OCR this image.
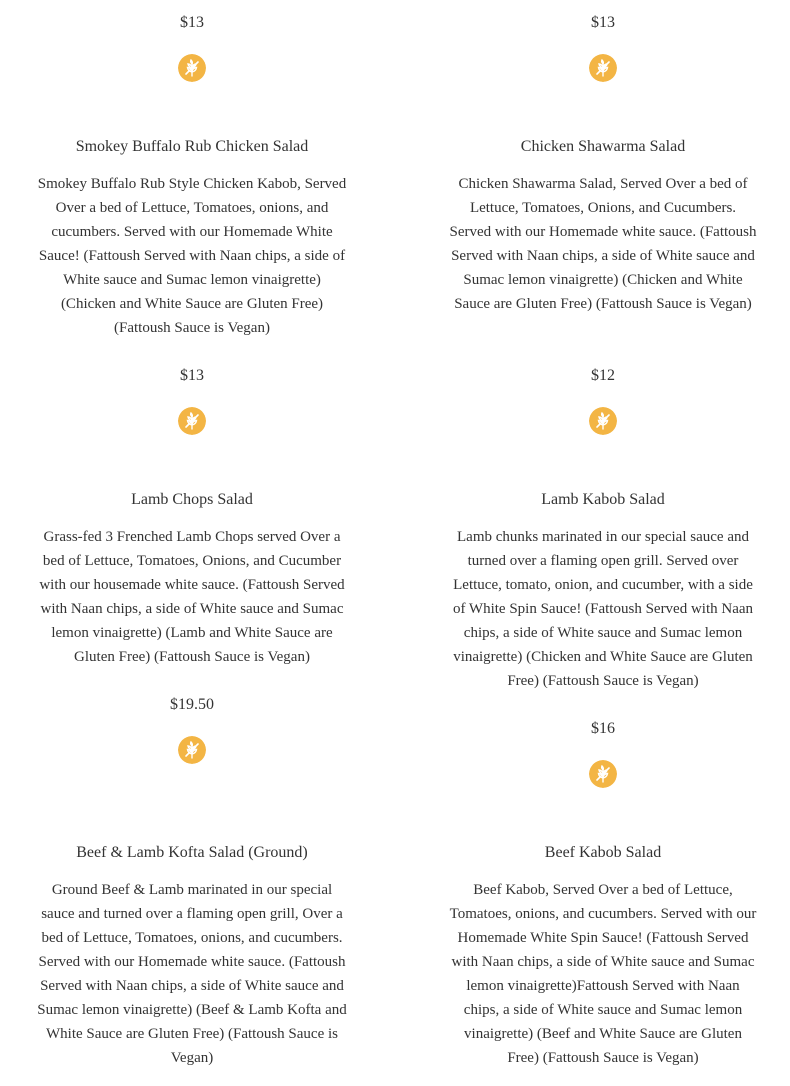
$13
Smokey Buffalo Rub Chicken Salad
Smokey Buffalo Rub Style Chicken Kabob, Served Over a bed of Lettuce, Tomatoes, onions, and cucumbers. Served with our Homemade White Sauce! (Fattoush Served with Naan chips, a side of White sauce and Sumac lemon vinaigrette) (Chicken and White Sauce are Gluten Free) (Fattoush Sauce is Vegan)
$13
Lamb Chops Salad
Grass-fed 3 Frenched Lamb Chops served Over a bed of Lettuce, Tomatoes, Onions, and Cucumber with our housemade white sauce. (Fattoush Served with Naan chips, a side of White sauce and Sumac lemon vinaigrette) (Lamb and White Sauce are Gluten Free) (Fattoush Sauce is Vegan)
$19.50
Beef & Lamb Kofta Salad (Ground)
Ground Beef & Lamb marinated in our special sauce and turned over a flaming open grill, Over a bed of Lettuce, Tomatoes, onions, and cucumbers. Served with our Homemade white sauce. (Fattoush Served with Naan chips, a side of White sauce and Sumac lemon vinaigrette) (Beef & Lamb Kofta and White Sauce are Gluten Free) (Fattoush Sauce is Vegan)
$13
Chicken Shawarma Salad
Chicken Shawarma Salad, Served Over a bed of Lettuce, Tomatoes, Onions, and Cucumbers. Served with our Homemade white sauce. (Fattoush Served with Naan chips, a side of White sauce and Sumac lemon vinaigrette) (Chicken and White Sauce are Gluten Free) (Fattoush Sauce is Vegan)
$12
Lamb Kabob Salad
Lamb chunks marinated in our special sauce and turned over a flaming open grill. Served over Lettuce, tomato, onion, and cucumber, with a side of White Spin Sauce! (Fattoush Served with Naan chips, a side of White sauce and Sumac lemon vinaigrette) (Chicken and White Sauce are Gluten Free) (Fattoush Sauce is Vegan)
$16
Beef Kabob Salad
Beef Kabob, Served Over a bed of Lettuce, Tomatoes, onions, and cucumbers. Served with our Homemade White Spin Sauce! (Fattoush Served with Naan chips, a side of White sauce and Sumac lemon vinaigrette)Fattoush Served with Naan chips, a side of White sauce and Sumac lemon vinaigrette) (Beef and White Sauce are Gluten Free) (Fattoush Sauce is Vegan)
